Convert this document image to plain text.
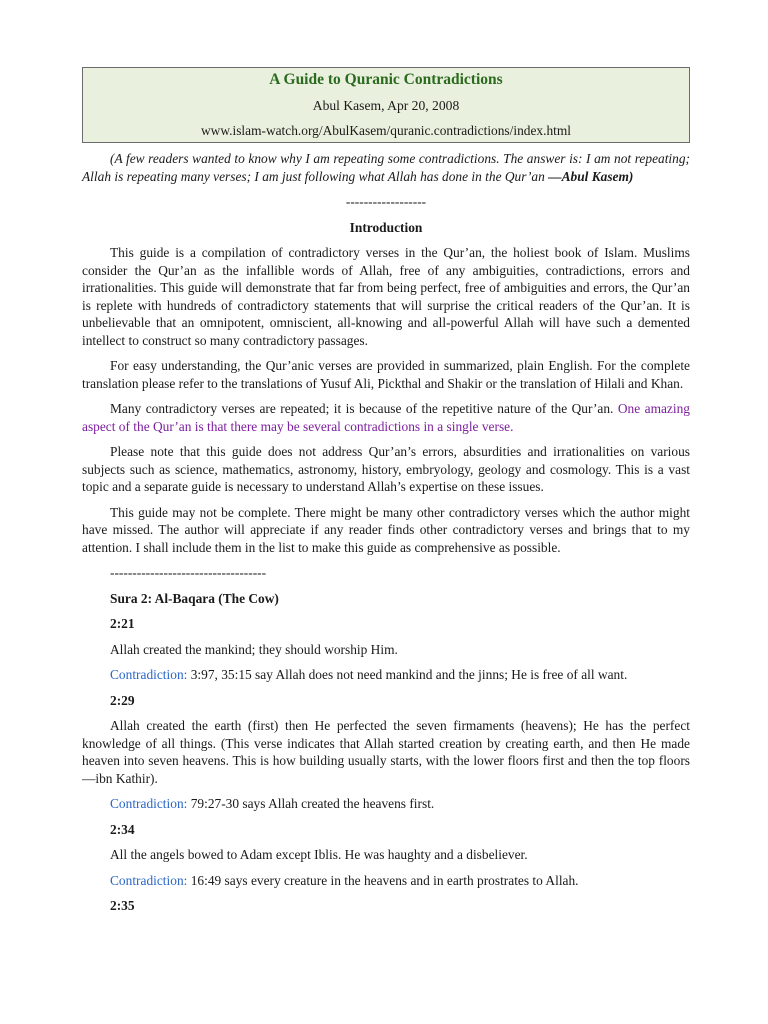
A Guide to Quranic Contradictions
Abul Kasem, Apr 20, 2008
www.islam-watch.org/AbulKasem/quranic.contradictions/index.html

(A few readers wanted to know why I am repeating some contradictions. The answer is: I am not repeating; Allah is repeating many verses; I am just following what Allah has done in the Qur’an —Abul Kasem)

------------------

Introduction

This guide is a compilation of contradictory verses in the Qur’an, the holiest book of Islam. Muslims consider the Qur’an as the infallible words of Allah, free of any ambiguities, contradictions, errors and irrationalities. This guide will demonstrate that far from being perfect, free of ambiguities and errors, the Qur’an is replete with hundreds of contradictory statements that will surprise the critical readers of the Qur’an. It is unbelievable that an omnipotent, omniscient, all-knowing and all-powerful Allah will have such a demented intellect to construct so many contradictory passages.

For easy understanding, the Qur’anic verses are provided in summarized, plain English. For the complete translation please refer to the translations of Yusuf Ali, Pickthal and Shakir or the translation of Hilali and Khan.

Many contradictory verses are repeated; it is because of the repetitive nature of the Qur’an. One amazing aspect of the Qur’an is that there may be several contradictions in a single verse.

Please note that this guide does not address Qur’an’s errors, absurdities and irrationalities on various subjects such as science, mathematics, astronomy, history, embryology, geology and cosmology. This is a vast topic and a separate guide is necessary to understand Allah’s expertise on these issues.

This guide may not be complete. There might be many other contradictory verses which the author might have missed. The author will appreciate if any reader finds other contradictory verses and brings that to my attention. I shall include them in the list to make this guide as comprehensive as possible.

-----------------------------------

Sura 2: Al-Baqara (The Cow)

2:21

Allah created the mankind; they should worship Him.

Contradiction: 3:97, 35:15 say Allah does not need mankind and the jinns; He is free of all want.

2:29

Allah created the earth (first) then He perfected the seven firmaments (heavens); He has the perfect knowledge of all things. (This verse indicates that Allah started creation by creating earth, and then He made heaven into seven heavens. This is how building usually starts, with the lower floors first and then the top floors—ibn Kathir).

Contradiction: 79:27-30 says Allah created the heavens first.

2:34

All the angels bowed to Adam except Iblis. He was haughty and a disbeliever.

Contradiction: 16:49 says every creature in the heavens and in earth prostrates to Allah.

2:35
